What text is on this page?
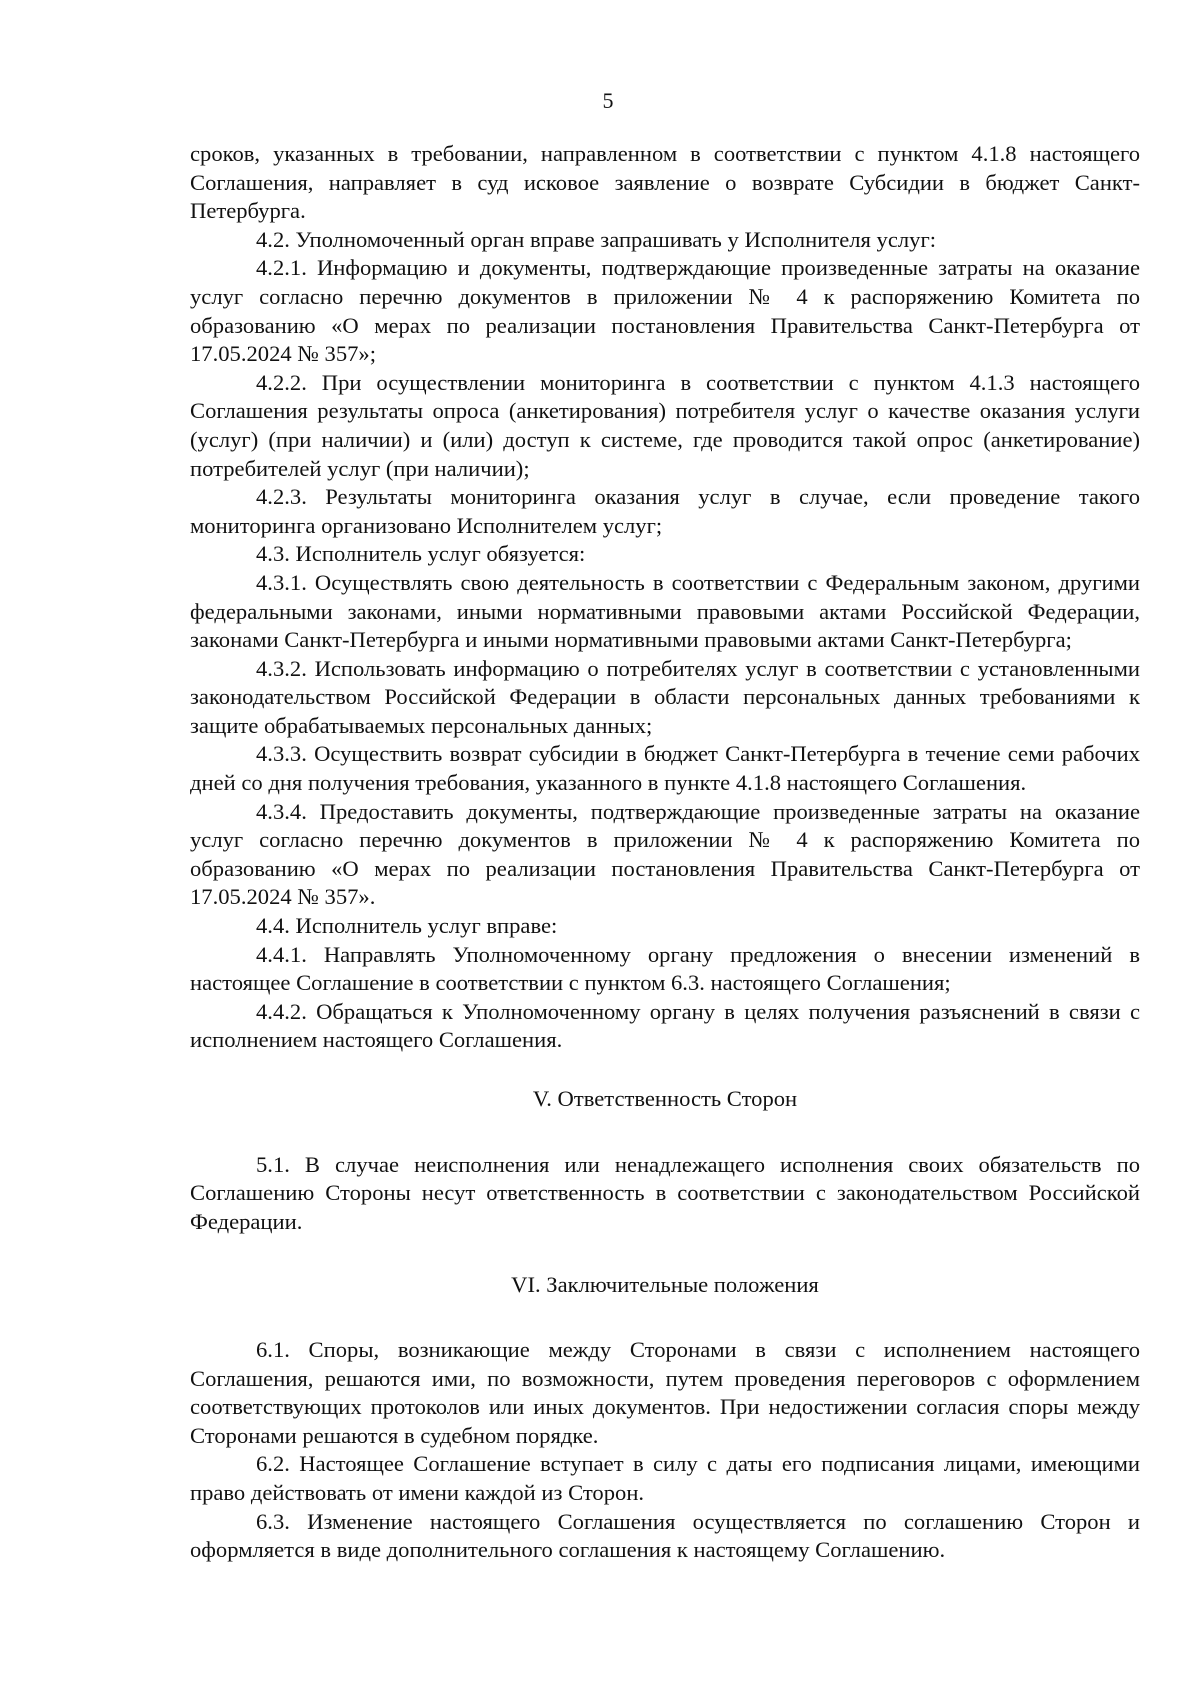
5

сроков, указанных в требовании, направленном в соответствии с пунктом 4.1.8 настоящего Соглашения, направляет в суд исковое заявление о возврате Субсидии в бюджет Санкт-Петербурга.

4.2. Уполномоченный орган вправе запрашивать у Исполнителя услуг:

4.2.1. Информацию и документы, подтверждающие произведенные затраты на оказание услуг согласно перечню документов в приложении № 4 к распоряжению Комитета по образованию «О мерах по реализации постановления Правительства Санкт-Петербурга от 17.05.2024 № 357»;

4.2.2. При осуществлении мониторинга в соответствии с пунктом 4.1.3 настоящего Соглашения результаты опроса (анкетирования) потребителя услуг о качестве оказания услуги (услуг) (при наличии) и (или) доступ к системе, где проводится такой опрос (анкетирование) потребителей услуг (при наличии);

4.2.3. Результаты мониторинга оказания услуг в случае, если проведение такого мониторинга организовано Исполнителем услуг;

4.3. Исполнитель услуг обязуется:

4.3.1. Осуществлять свою деятельность в соответствии с Федеральным законом, другими федеральными законами, иными нормативными правовыми актами Российской Федерации, законами Санкт-Петербурга и иными нормативными правовыми актами Санкт-Петербурга;

4.3.2. Использовать информацию о потребителях услуг в соответствии с установленными законодательством Российской Федерации в области персональных данных требованиями к защите обрабатываемых персональных данных;

4.3.3. Осуществить возврат субсидии в бюджет Санкт-Петербурга в течение семи рабочих дней со дня получения требования, указанного в пункте 4.1.8 настоящего Соглашения.

4.3.4. Предоставить документы, подтверждающие произведенные затраты на оказание услуг согласно перечню документов в приложении № 4 к распоряжению Комитета по образованию «О мерах по реализации постановления Правительства Санкт-Петербурга от 17.05.2024 № 357».

4.4. Исполнитель услуг вправе:

4.4.1. Направлять Уполномоченному органу предложения о внесении изменений в настоящее Соглашение в соответствии с пунктом 6.3. настоящего Соглашения;

4.4.2. Обращаться к Уполномоченному органу в целях получения разъяснений в связи с исполнением настоящего Соглашения.

V. Ответственность Сторон

5.1. В случае неисполнения или ненадлежащего исполнения своих обязательств по Соглашению Стороны несут ответственность в соответствии с законодательством Российской Федерации.

VI. Заключительные положения

6.1. Споры, возникающие между Сторонами в связи с исполнением настоящего Соглашения, решаются ими, по возможности, путем проведения переговоров с оформлением соответствующих протоколов или иных документов. При недостижении согласия споры между Сторонами решаются в судебном порядке.

6.2. Настоящее Соглашение вступает в силу с даты его подписания лицами, имеющими право действовать от имени каждой из Сторон.

6.3. Изменение настоящего Соглашения осуществляется по соглашению Сторон и оформляется в виде дополнительного соглашения к настоящему Соглашению.
